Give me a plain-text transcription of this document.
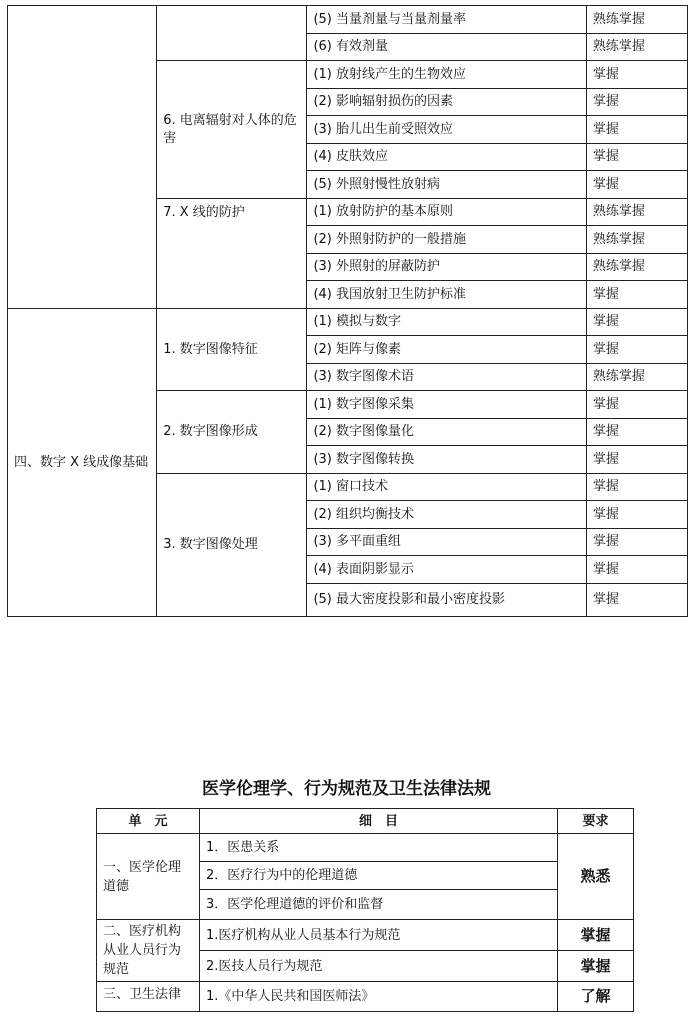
		(5) 当量剂量与当量剂量率	熟练掌握
		(6) 有效剂量	熟练掌握
	6. 电离辐射对人体的危害	(1) 放射线产生的生物效应	掌握
		(2) 影响辐射损伤的因素	掌握
		(3) 胎儿出生前受照效应	掌握
		(4) 皮肤效应	掌握
		(5) 外照射慢性放射病	掌握
	7. X 线的防护	(1) 放射防护的基本原则	熟练掌握
		(2) 外照射防护的一般措施	熟练掌握
		(3) 外照射的屏蔽防护	熟练掌握
		(4) 我国放射卫生防护标准	掌握
四、数字 X 线成像基础	1. 数字图像特征	(1) 模拟与数字	掌握
		(2) 矩阵与像素	掌握
		(3) 数字图像术语	熟练掌握
	2. 数字图像形成	(1) 数字图像采集	掌握
		(2) 数字图像量化	掌握
		(3) 数字图像转换	掌握
	3. 数字图像处理	(1) 窗口技术	掌握
		(2) 组织均衡技术	掌握
		(3) 多平面重组	掌握
		(4) 表面阴影显示	掌握
		(5) 最大密度投影和最小密度投影	掌握
医学伦理学、行为规范及卫生法律法规
单　元	细　目	要求
一、医学伦理道德	1．医患关系	熟悉
	2．医疗行为中的伦理道德	
	3．医学伦理道德的评价和监督	
二、医疗机构从业人员行为规范	1.医疗机构从业人员基本行为规范	掌握
	2.医技人员行为规范	掌握
三、卫生法律	1.《中华人民共和国医师法》	了解
